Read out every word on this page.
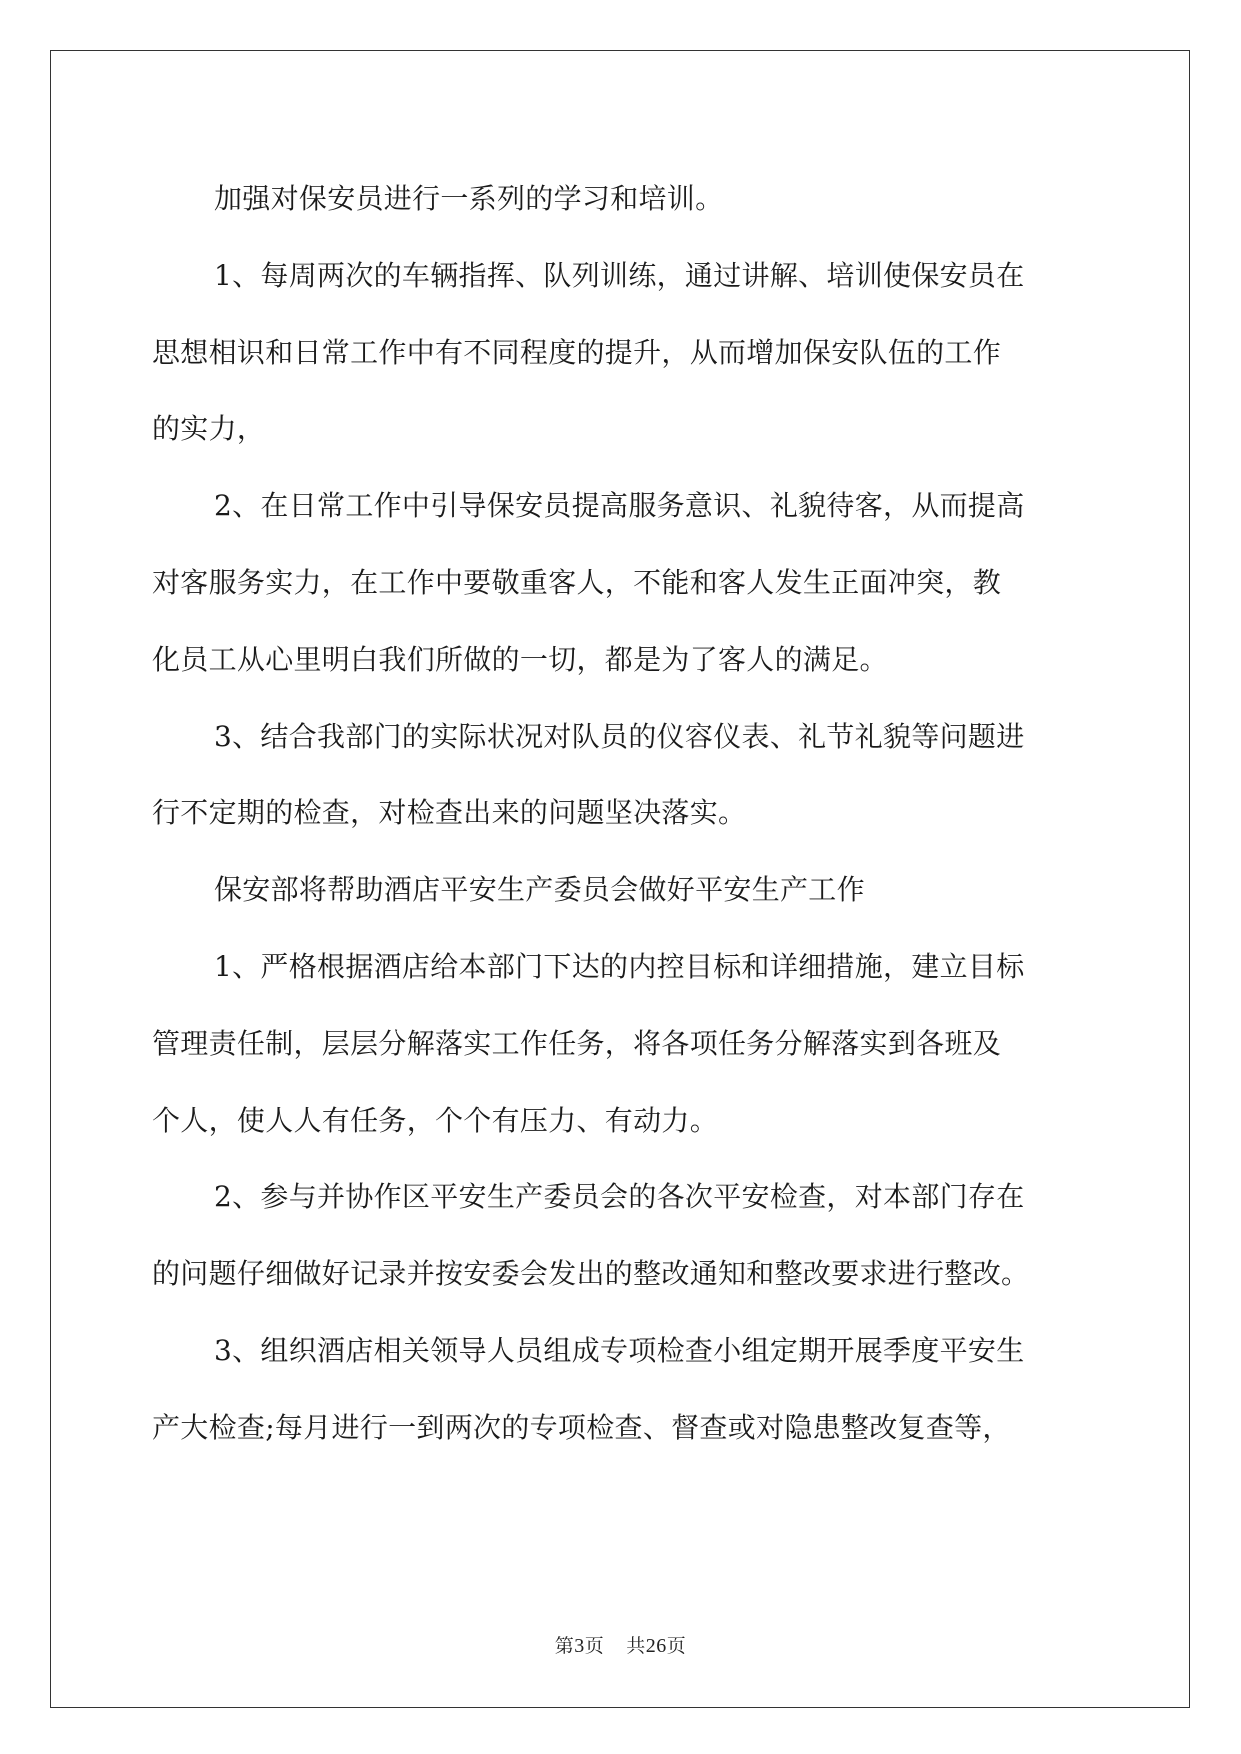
加强对保安员进行一系列的学习和培训。

1、每周两次的车辆指挥、队列训练，通过讲解、培训使保安员在
思想相识和日常工作中有不同程度的提升，从而增加保安队伍的工作
的实力，

2、在日常工作中引导保安员提高服务意识、礼貌待客，从而提高
对客服务实力，在工作中要敬重客人，不能和客人发生正面冲突，教
化员工从心里明白我们所做的一切，都是为了客人的满足。

3、结合我部门的实际状况对队员的仪容仪表、礼节礼貌等问题进
行不定期的检查，对检查出来的问题坚决落实。

保安部将帮助酒店平安生产委员会做好平安生产工作

1、严格根据酒店给本部门下达的内控目标和详细措施，建立目标
管理责任制，层层分解落实工作任务，将各项任务分解落实到各班及
个人，使人人有任务，个个有压力、有动力。

2、参与并协作区平安生产委员会的各次平安检查，对本部门存在
的问题仔细做好记录并按安委会发出的整改通知和整改要求进行整改。

3、组织酒店相关领导人员组成专项检查小组定期开展季度平安生
产大检查;每月进行一到两次的专项检查、督查或对隐患整改复查等，

第3页 共26页
